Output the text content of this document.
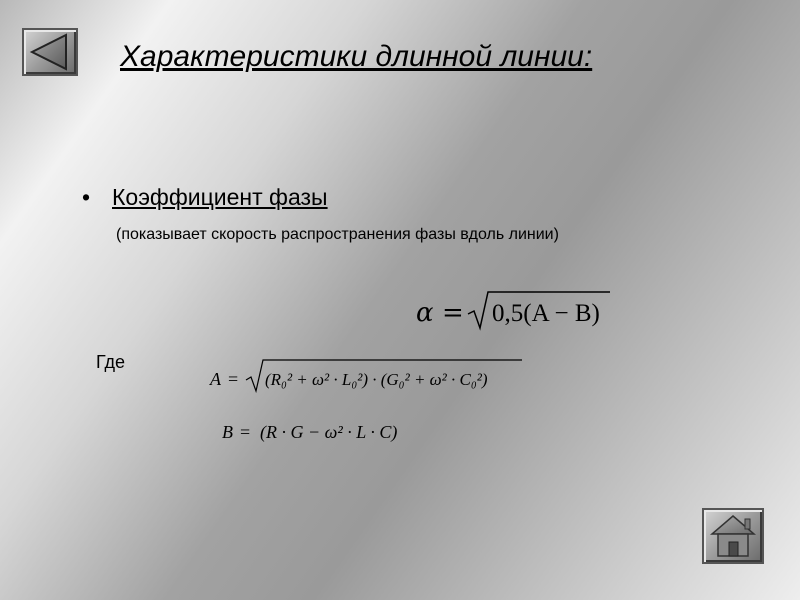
Характеристики длинной линии:
• Коэффициент фазы
(показывает скорость распространения фазы вдоль линии)
α = 0,5(A − B)
Где
A = (R₀² + ω² · L₀²) · (G₀² + ω² · C₀²)
B = (R · G − ω² · L · C)
